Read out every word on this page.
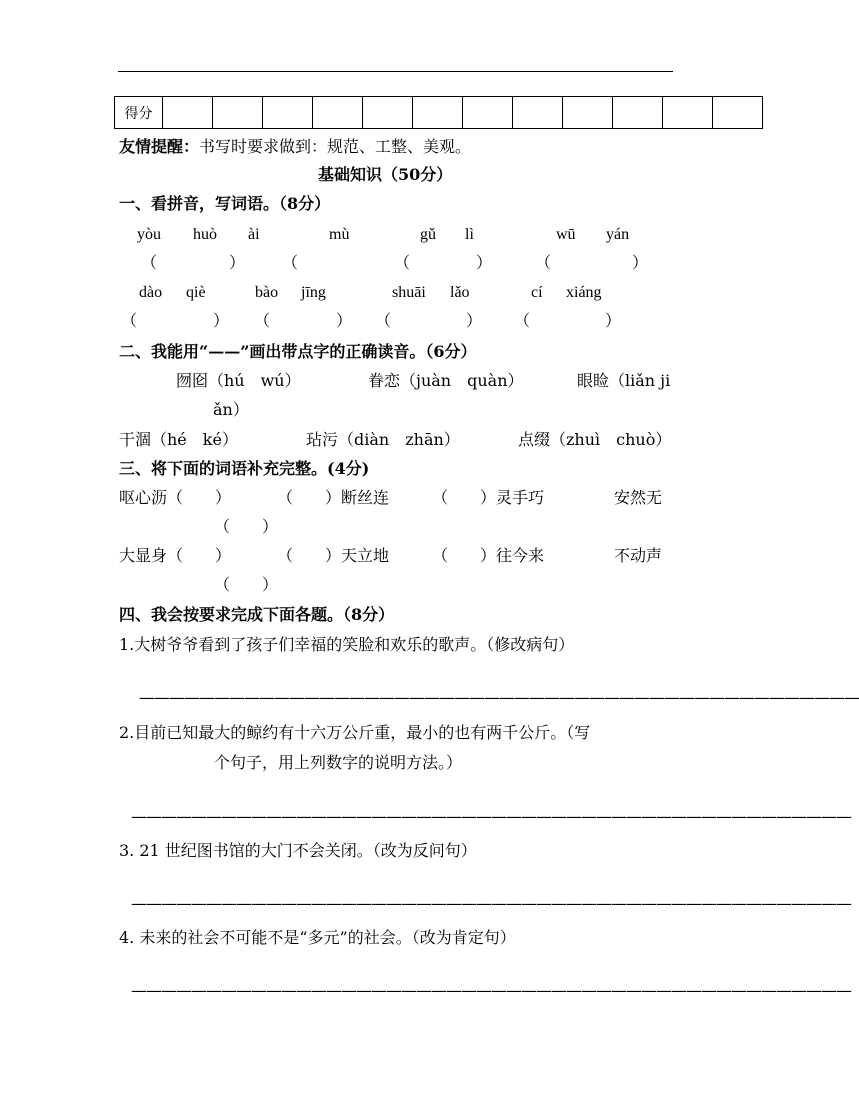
得分												
友情提醒：书写时要求做到：规范、工整、美观。
基础知识（50分）
一、看拼音，写词语。（8分）
yòu huò ài	mù	gǔ lì	wū yán
（	） （	（	）	（	）
dào qiè	bào jīng	shuāi lǎo	cí xiáng
（	） （	） （	） （	）
二、我能用“——”画出带点字的正确读音。（6分）
囫囵（hú　wú）	眷恋（juàn　quàn）	眼睑（liǎn ji
ǎn）
干涸（hé　ké）	玷污（diàn　zhān）	点缀（zhuì　chuò）
三、将下面的词语补充完整。(4分)
呕心沥（　　）	（　　）断丝连	（　　）灵手巧	安然无
（　　）
大显身（　　）	（　　）天立地	（　　）往今来	不动声
（　　）
四、我会按要求完成下面各题。（8分）
1.大树爷爷看到了孩子们幸福的笑脸和欢乐的歌声。（修改病句）
————————————————————————————————————————————————
2.目前已知最大的鲸约有十六万公斤重，最小的也有两千公斤。（写
个句子，用上列数字的说明方法。）
————————————————————————————————————————————————
3. 21 世纪图书馆的大门不会关闭。（改为反问句）
————————————————————————————————————————————————
4. 未来的社会不可能不是“多元”的社会。（改为肯定句）
————————————————————————————————————————————————
